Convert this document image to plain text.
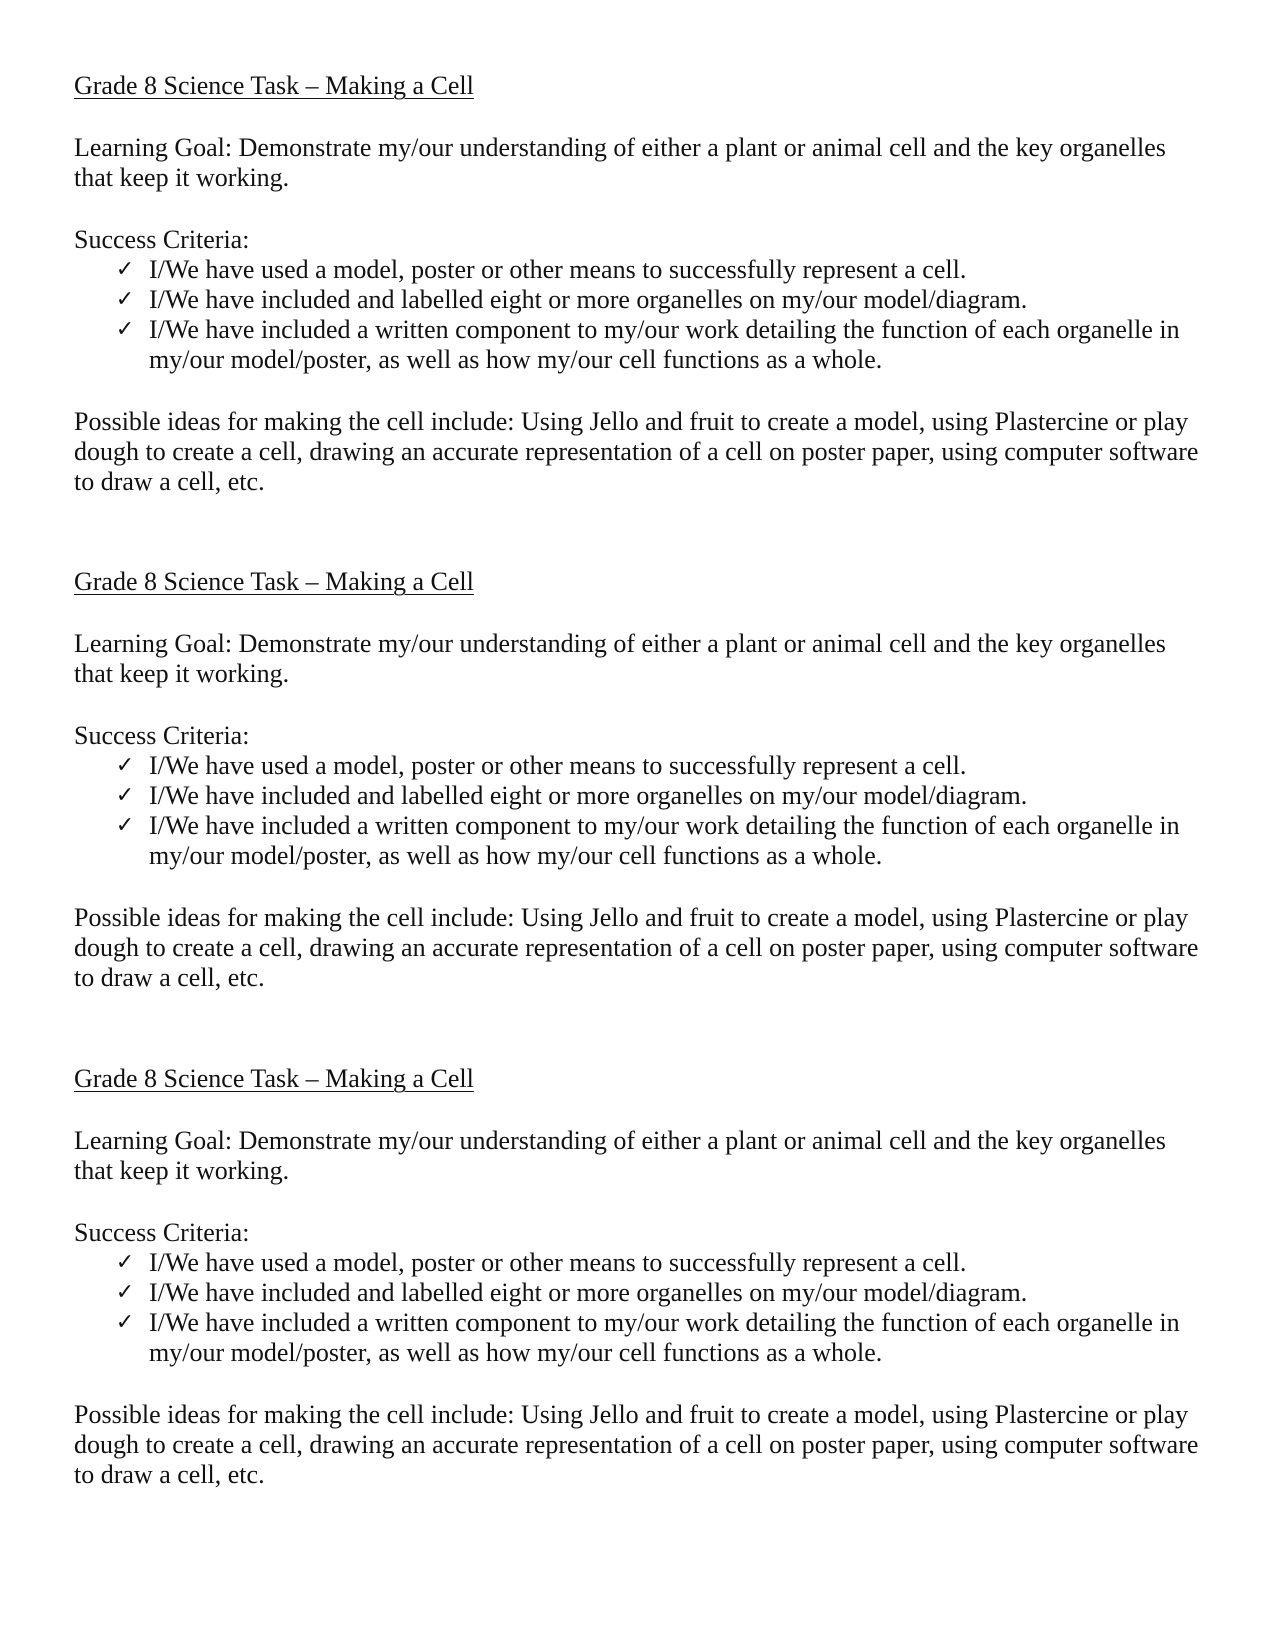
Grade 8 Science Task – Making a Cell

Learning Goal: Demonstrate my/our understanding of either a plant or animal cell and the key organelles that keep it working.

Success Criteria:

✓ I/We have used a model, poster or other means to successfully represent a cell.
✓ I/We have included and labelled eight or more organelles on my/our model/diagram.
✓ I/We have included a written component to my/our work detailing the function of each organelle in my/our model/poster, as well as how my/our cell functions as a whole.

Possible ideas for making the cell include: Using Jello and fruit to create a model, using Plastercine or play dough to create a cell, drawing an accurate representation of a cell on poster paper, using computer software to draw a cell, etc.

Grade 8 Science Task – Making a Cell

Learning Goal: Demonstrate my/our understanding of either a plant or animal cell and the key organelles that keep it working.

Success Criteria:

✓ I/We have used a model, poster or other means to successfully represent a cell.
✓ I/We have included and labelled eight or more organelles on my/our model/diagram.
✓ I/We have included a written component to my/our work detailing the function of each organelle in my/our model/poster, as well as how my/our cell functions as a whole.

Possible ideas for making the cell include: Using Jello and fruit to create a model, using Plastercine or play dough to create a cell, drawing an accurate representation of a cell on poster paper, using computer software to draw a cell, etc.

Grade 8 Science Task – Making a Cell

Learning Goal: Demonstrate my/our understanding of either a plant or animal cell and the key organelles that keep it working.

Success Criteria:

✓ I/We have used a model, poster or other means to successfully represent a cell.
✓ I/We have included and labelled eight or more organelles on my/our model/diagram.
✓ I/We have included a written component to my/our work detailing the function of each organelle in my/our model/poster, as well as how my/our cell functions as a whole.

Possible ideas for making the cell include: Using Jello and fruit to create a model, using Plastercine or play dough to create a cell, drawing an accurate representation of a cell on poster paper, using computer software to draw a cell, etc.
